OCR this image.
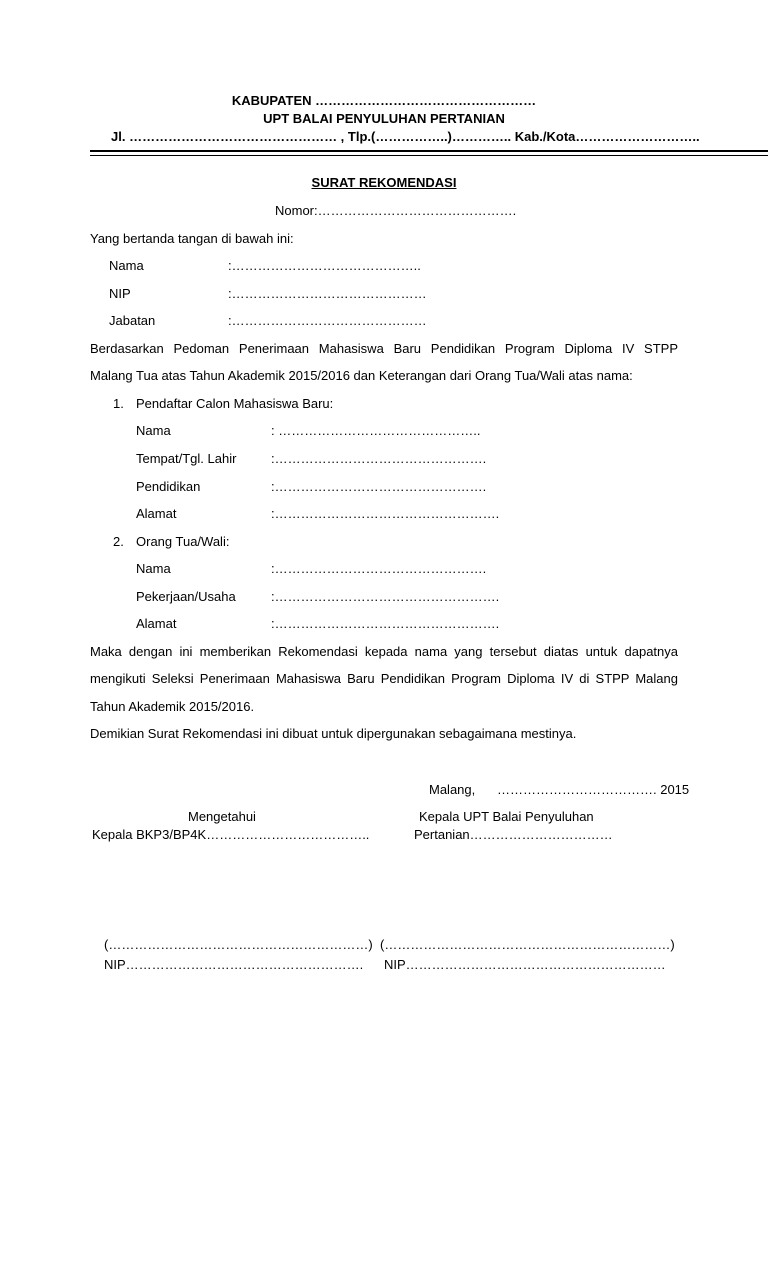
KABUPATEN ……………………………………………
UPT BALAI PENYULUHAN PERTANIAN
Jl. ………………………………………… , Tlp.(……………..)………….. Kab./Kota………………………..
SURAT REKOMENDASI
Nomor:……………………………………….
Yang bertanda tangan di bawah ini:
Nama	:……………………………………..
NIP	:………………………………………
Jabatan	:………………………………………
Berdasarkan Pedoman Penerimaan Mahasiswa Baru Pendidikan Program Diploma IV STPP
Malang Tua atas Tahun Akademik 2015/2016 dan Keterangan dari Orang Tua/Wali atas nama:
1. Pendaftar Calon Mahasiswa Baru:
Nama	: ………………………………………..
Tempat/Tgl. Lahir	:………………………………………….
Pendidikan	:………………………………………….
Alamat	:…………………………………………….
2. Orang Tua/Wali:
Nama	:………………………………………….
Pekerjaan/Usaha	:…………………………………………….
Alamat	:…………………………………………….
Maka dengan ini memberikan Rekomendasi kepada nama yang tersebut diatas untuk dapatnya
mengikuti Seleksi Penerimaan Mahasiswa Baru Pendidikan Program Diploma IV di STPP Malang
Tahun Akademik 2015/2016.
Demikian Surat Rekomendasi ini dibuat untuk dipergunakan sebagaimana mestinya.
Malang, ………………………………. 2015
Mengetahui
Kepala BKP3/BP4K………………………………..
Kepala UPT Balai Penyuluhan
Pertanian……………………………
(……………………………………………………)
NIP……………………………………………….
(…………………………………………………………)
NIP……………………………………………………
